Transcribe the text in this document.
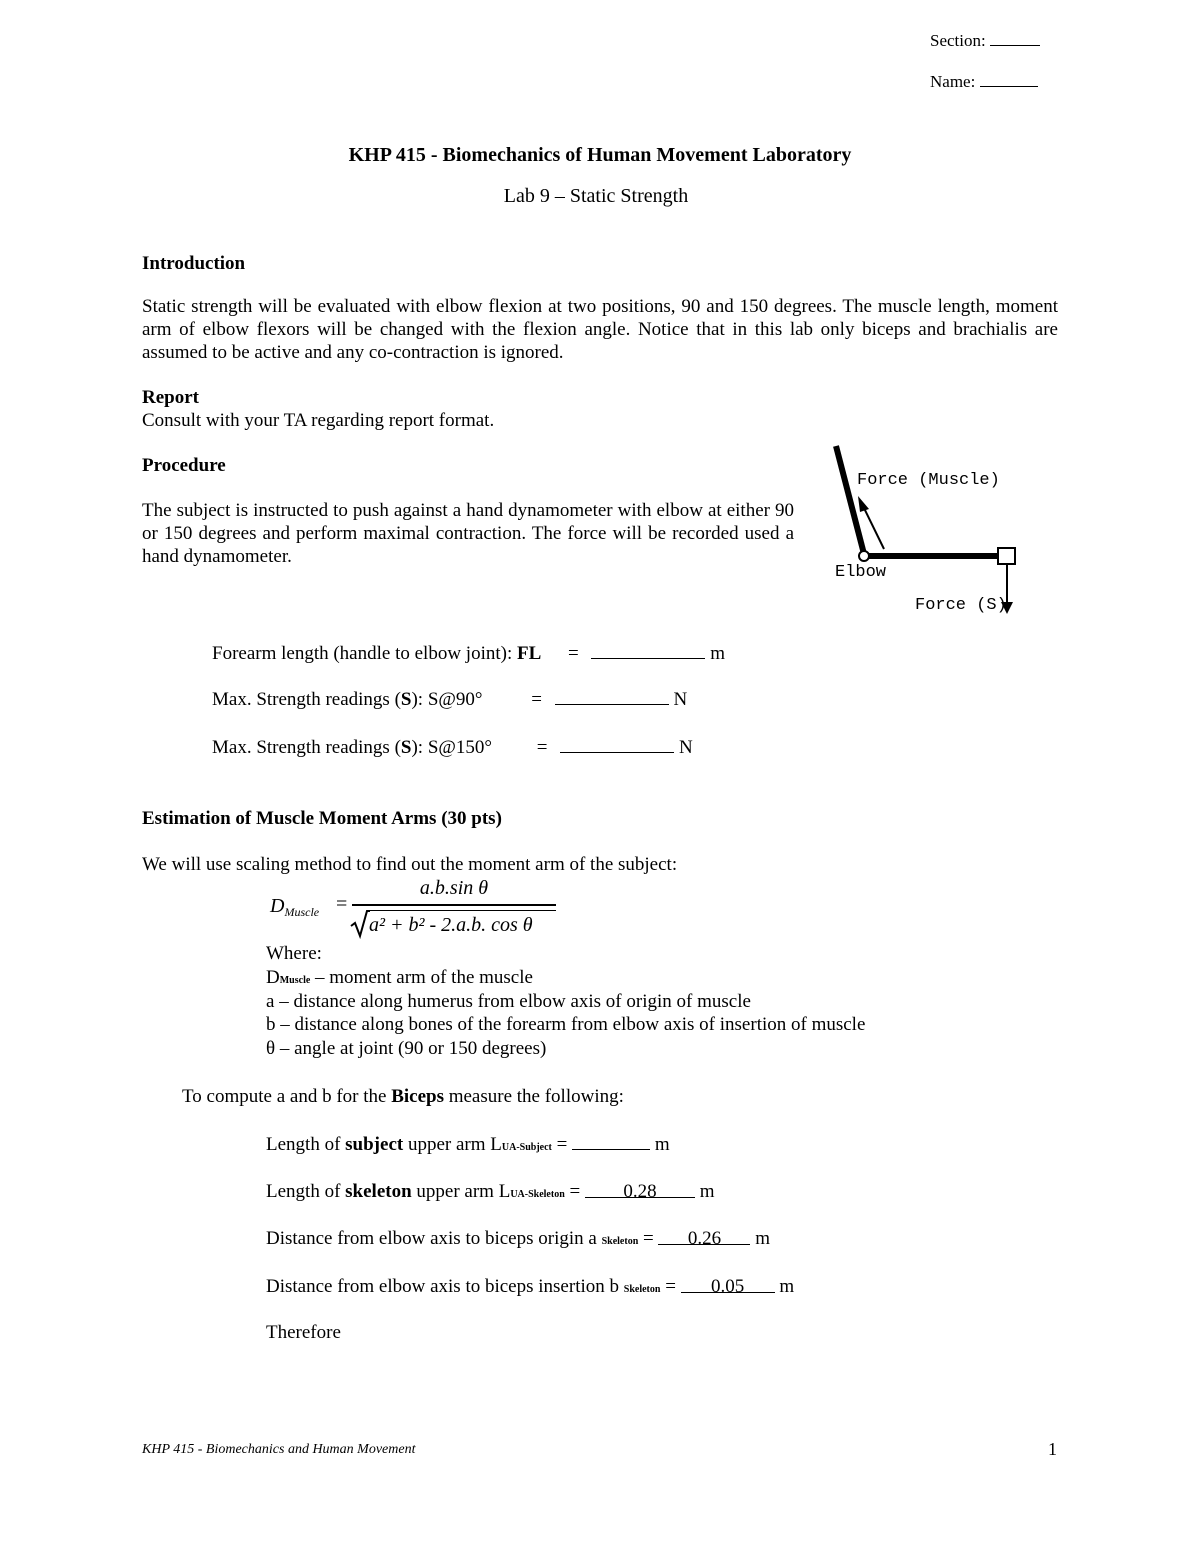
Section:
Name:
KHP 415 - Biomechanics of Human Movement Laboratory
Lab 9 – Static Strength
Introduction
Static strength will be evaluated with elbow flexion at two positions, 90 and 150 degrees. The muscle length, moment arm of elbow flexors will be changed with the flexion angle. Notice that in this lab only biceps and brachialis are assumed to be active and any co-contraction is ignored.
Report
Consult with your TA regarding report format.
Procedure
The subject is instructed to push against a hand dynamometer with elbow at either 90 or 150 degrees and perform maximal contraction. The force will be recorded used a hand dynamometer.
Force (Muscle)
Elbow
Force (S)
Forearm length (handle to elbow joint): FL =	m
Max. Strength readings (S): S@90°	=	N
Max. Strength readings (S): S@150° =	N
Estimation of Muscle Moment Arms (30 pts)
We will use scaling method to find out the moment arm of the subject:
$D_{Muscle}$ =
a.b.sin θ
a² + b² - 2.a.b. cos θ
Where:
DMuscle – moment arm of the muscle
a – distance along humerus from elbow axis of origin of muscle
b – distance along bones of the forearm from elbow axis of insertion of muscle
θ – angle at joint (90 or 150 degrees)
To compute a and b for the Biceps measure the following:
Length of subject upper arm LUA-Subject =	m
Length of skeleton upper arm LUA-Skeleton = 0.28 m
Distance from elbow axis to biceps origin a Skeleton = 0.26 m
Distance from elbow axis to biceps insertion b Skeleton = 0.05 m
Therefore
KHP 415 - Biomechanics and Human Movement	1
